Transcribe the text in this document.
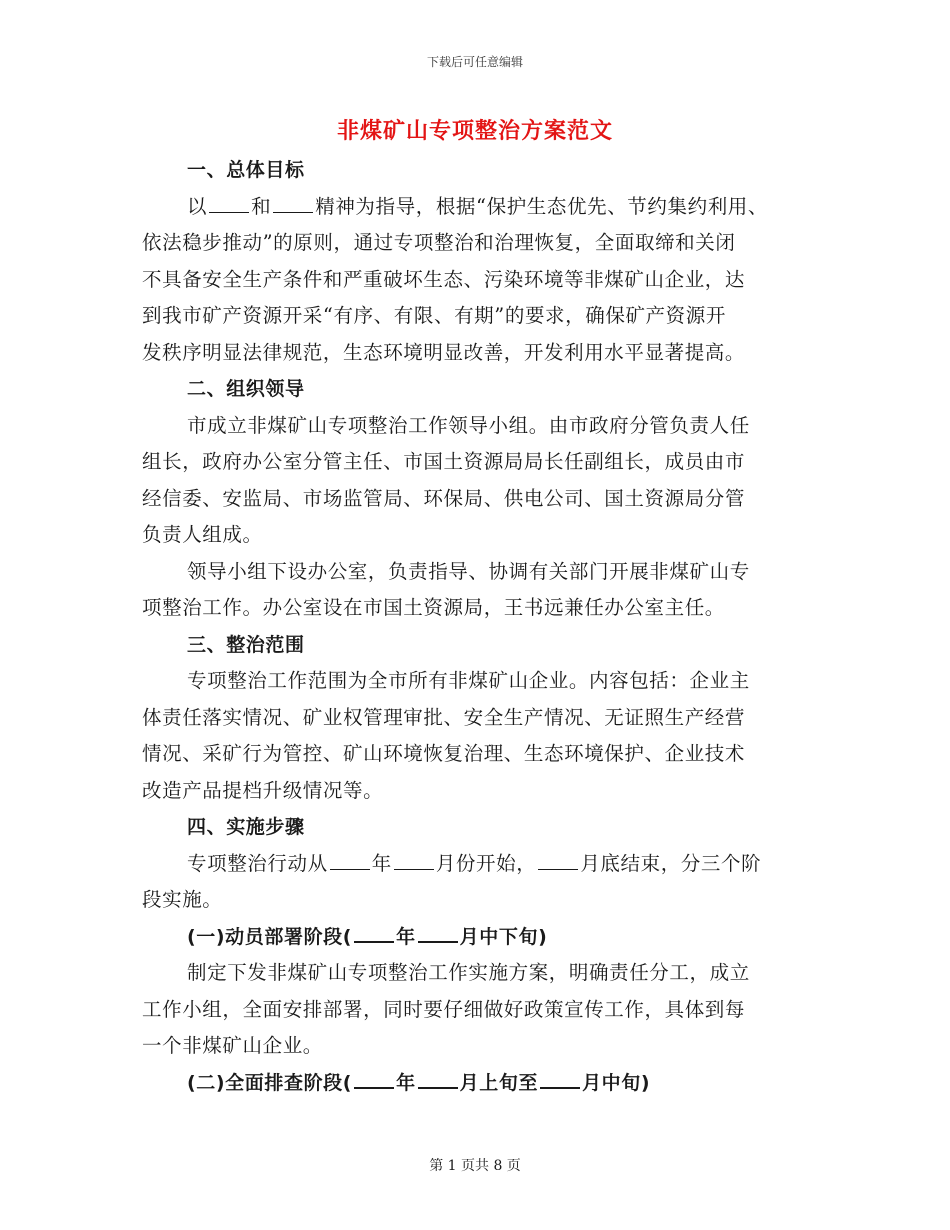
下载后可任意编辑
非煤矿山专项整治方案范文
一、总体目标
以 和 精神为指导，根据“保护生态优先、节约集约利用、
依法稳步推动”的原则，通过专项整治和治理恢复，全面取缔和关闭
不具备安全生产条件和严重破坏生态、污染环境等非煤矿山企业，达
到我市矿产资源开采“有序、有限、有期”的要求，确保矿产资源开
发秩序明显法律规范，生态环境明显改善，开发利用水平显著提高。
二、组织领导
市成立非煤矿山专项整治工作领导小组。由市政府分管负责人任
组长，政府办公室分管主任、市国土资源局局长任副组长，成员由市
经信委、安监局、市场监管局、环保局、供电公司、国土资源局分管
负责人组成。
领导小组下设办公室，负责指导、协调有关部门开展非煤矿山专
项整治工作。办公室设在市国土资源局，王书远兼任办公室主任。
三、整治范围
专项整治工作范围为全市所有非煤矿山企业。内容包括：企业主
体责任落实情况、矿业权管理审批、安全生产情况、无证照生产经营
情况、采矿行为管控、矿山环境恢复治理、生态环境保护、企业技术
改造产品提档升级情况等。
四、实施步骤
专项整治行动从 年 月份开始， 月底结束，分三个阶
段实施。
(一)动员部署阶段( 年 月中下旬)
制定下发非煤矿山专项整治工作实施方案，明确责任分工，成立
工作小组，全面安排部署，同时要仔细做好政策宣传工作，具体到每
一个非煤矿山企业。
(二)全面排查阶段( 年 月上旬至 月中旬)
第 1 页共 8 页
